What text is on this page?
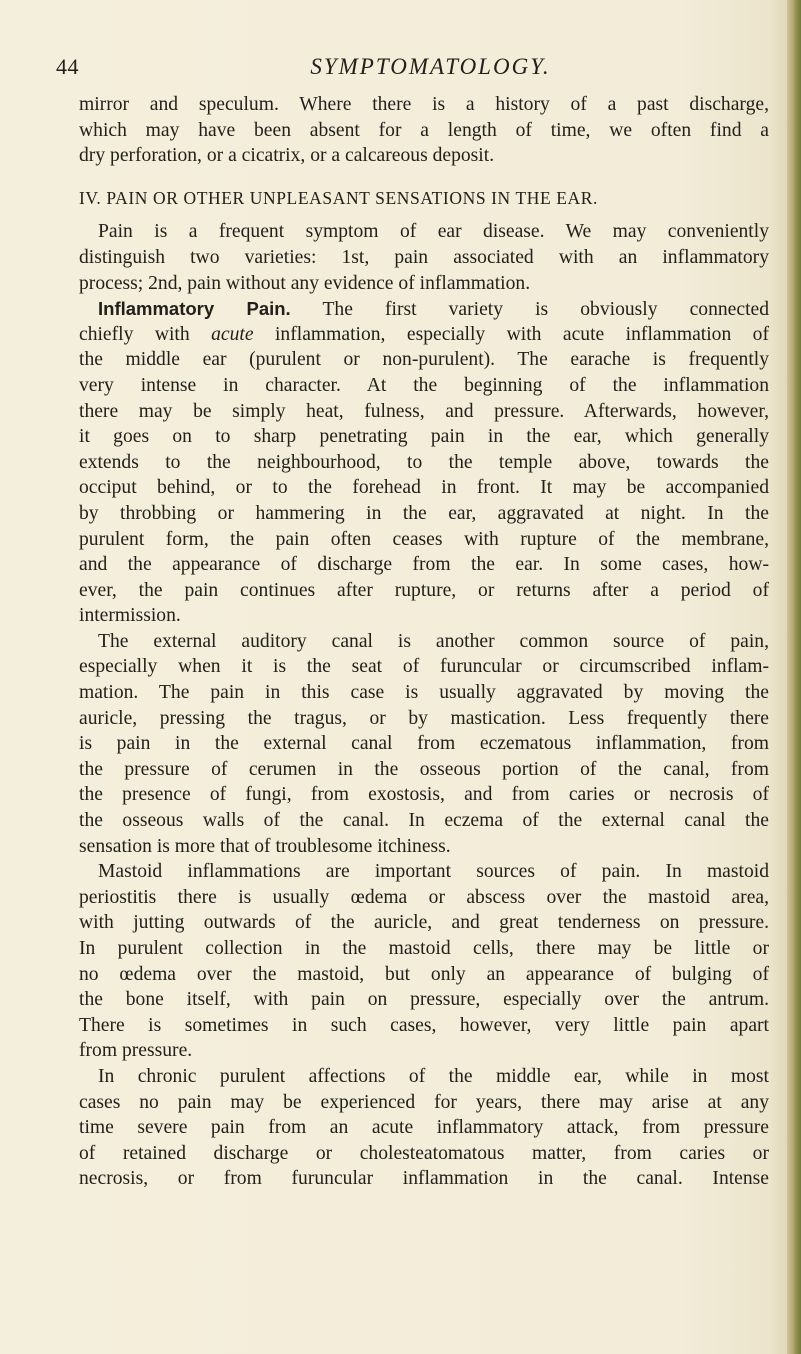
44	SYMPTOMATOLOGY.
mirror and speculum. Where there is a history of a past discharge,
which may have been absent for a length of time, we often find a
dry perforation, or a cicatrix, or a calcareous deposit.
IV. PAIN OR OTHER UNPLEASANT SENSATIONS IN THE EAR.
Pain is a frequent symptom of ear disease. We may conveniently
distinguish two varieties: 1st, pain associated with an inflammatory
process; 2nd, pain without any evidence of inflammation.
Inflammatory Pain. The first variety is obviously connected
chiefly with acute inflammation, especially with acute inflammation of
the middle ear (purulent or non-purulent). The earache is frequently
very intense in character. At the beginning of the inflammation
there may be simply heat, fulness, and pressure. Afterwards, however,
it goes on to sharp penetrating pain in the ear, which generally
extends to the neighbourhood, to the temple above, towards the
occiput behind, or to the forehead in front. It may be accompanied
by throbbing or hammering in the ear, aggravated at night. In the
purulent form, the pain often ceases with rupture of the membrane,
and the appearance of discharge from the ear. In some cases, how-
ever, the pain continues after rupture, or returns after a period of
intermission.
The external auditory canal is another common source of pain,
especially when it is the seat of furuncular or circumscribed inflam-
mation. The pain in this case is usually aggravated by moving the
auricle, pressing the tragus, or by mastication. Less frequently there
is pain in the external canal from eczematous inflammation, from
the pressure of cerumen in the osseous portion of the canal, from
the presence of fungi, from exostosis, and from caries or necrosis of
the osseous walls of the canal. In eczema of the external canal the
sensation is more that of troublesome itchiness.
Mastoid inflammations are important sources of pain. In mastoid
periostitis there is usually œdema or abscess over the mastoid area,
with jutting outwards of the auricle, and great tenderness on pressure.
In purulent collection in the mastoid cells, there may be little or
no œdema over the mastoid, but only an appearance of bulging of
the bone itself, with pain on pressure, especially over the antrum.
There is sometimes in such cases, however, very little pain apart
from pressure.
In chronic purulent affections of the middle ear, while in most
cases no pain may be experienced for years, there may arise at any
time severe pain from an acute inflammatory attack, from pressure
of retained discharge or cholesteatomatous matter, from caries or
necrosis, or from furuncular inflammation in the canal. Intense
